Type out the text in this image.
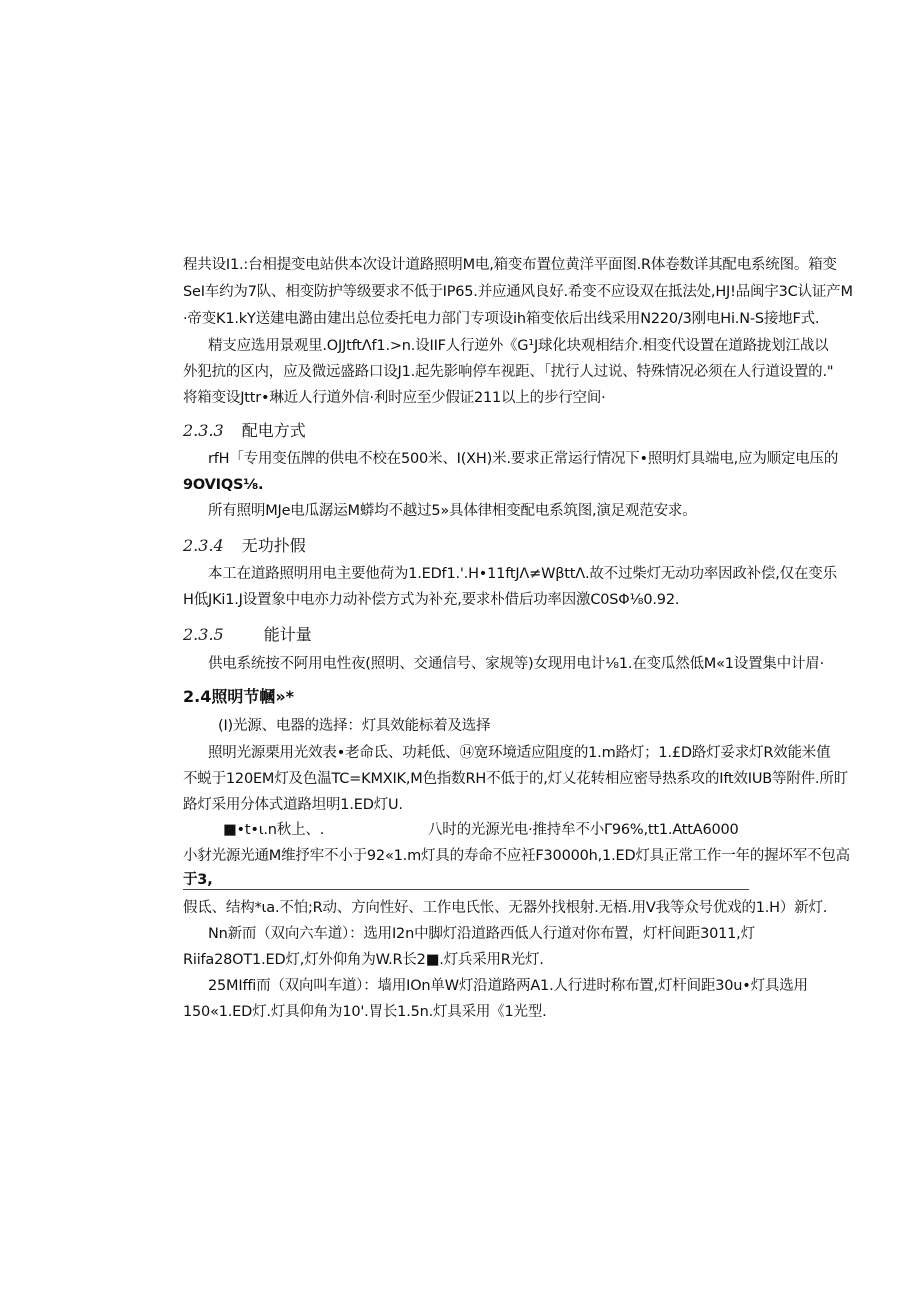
程共设I1.:台相提变电站供本次设计道路照明M电,箱变布置位黄洋平面图.R体卷数详其配电系统图。箱变

SeI车约为7队、相变防护等级要求不低于IP65.并应通风良好.希变不应设双在抵法处,HJ!品闽宇3C认证产M

·帝变K1.kY送建电潞由建出总位委托电力部门专项设ih箱变依后出线采用N220/3刚电Hi.N-S接地F式.

精支应选用景观里.OJJtftΛf1.>n.设IIF人行逆外《G¹J球化块观相结介.相变代设置在道路拢划江战以

外犯抗的区内，应及微远盛路口设J1.起先影响停车视距、「扰行人过说、特殊情况必须在人行道设置的."

将箱变设Jttr•琳近人行道外信·利时应至少假证211以上的步行空间·

2.3.3 配电方式

rfH「专用变伍牌的供电不校在500米、I(XH)米.要求正常运行情况下•照明灯具端电,应为顺定电压的

9OVIQS⅛.

所有照明MJe电瓜潺运M蟒均不越过5»具体律相变配电系筑图,演足观范安求。

2.3.4 无功扑假

本工在道路照明用电主要他荷为1.EDf1.'.H•11ftJΛ≠WβttΛ.故不过柴灯无动功率因政补偿,仅在变乐

H低JKi1.J设置象中电亦力动补偿方式为补充,要求朴借后功率因激C0SΦ⅛0.92.

2.3.5	能计量

供电系统按不阿用电性夜(照明、交通信号、家规等)女现用电计⅛1.在变瓜然低M«1设置集中计眉·

2.4照明节幗»*

(I)光源、电器的选择：灯具效能标着及选择

照明光源栗用光效表•老命氐、功耗低、⑭宽环境适应阻度的1.m路灯；1.£D路灯妥求灯R效能米值

不蜕于120EM灯及色温TC=KMXIK,M色指数RH不低于的,灯乂花转相应密导热系攻的Ift效IUB等附件.所盯

路灯采用分体式道路坦明1.ED灯U.

■•t•ι.n秋上、.	八时的光源光电·推持牟不小Γ96%,tt1.AttA6000

小豺光源光通M维抒牢不小于92«1.m灯具的寿命不应衽F30000h,1.ED灯具正常工作一年的握坏军不包高

于3,

假氐、结构*ιa.不怕;R动、方向性好、工作电氏怅、无器外找根射.无梧.用V我等众号优戏的1.H）新灯.

Nn新而（双向六车道）：选用I2n中脚灯沿道路西低人行道对你布置，灯杆间距3011,灯

Riifa28OT1.ED灯,灯外仰角为W.R长2■.灯兵采用R光灯.

25MIffi而（双向叫车道）：墙用IOn单W灯沿道路两A1.人行进时称布置,灯杆间距30u•灯具选用

150«1.ED灯.灯具仰角为10'.胃长1.5n.灯具采用《1光型.
